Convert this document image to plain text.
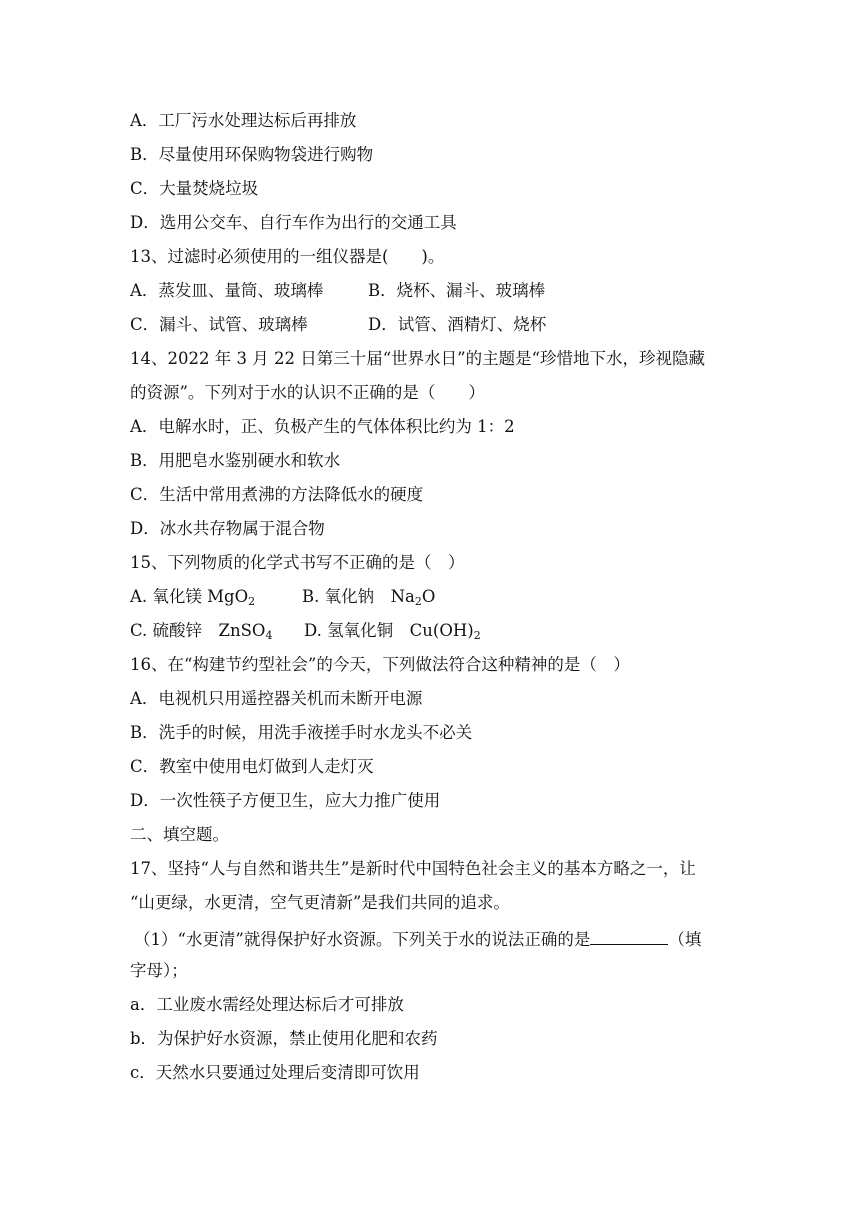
A．工厂污水处理达标后再排放
B．尽量使用环保购物袋进行购物
C．大量焚烧垃圾
D．选用公交车、自行车作为出行的交通工具
13、过滤时必须使用的一组仪器是(　　)。
A．蒸发皿、量筒、玻璃棒	B．烧杯、漏斗、玻璃棒
C．漏斗、试管、玻璃棒	D．试管、酒精灯、烧杯
14、2022 年 3 月 22 日第三十届“世界水日”的主题是“珍惜地下水，珍视隐藏
的资源”。下列对于水的认识不正确的是（　　）
A．电解水时，正、负极产生的气体体积比约为 1：2
B．用肥皂水鉴别硬水和软水
C．生活中常用煮沸的方法降低水的硬度
D．冰水共存物属于混合物
15、下列物质的化学式书写不正确的是（　）
A. 氧化镁 MgO$_2$	B. 氧化钠　$Na_2O$
C. 硫酸锌　ZnSO$_4$ D. 氢氧化铜　$Cu(OH)_2$
16、在“构建节约型社会”的今天，下列做法符合这种精神的是（　）
A．电视机只用遥控器关机而未断开电源
B．洗手的时候，用洗手液搓手时水龙头不必关
C．教室中使用电灯做到人走灯灭
D．一次性筷子方便卫生，应大力推广使用
二、填空题。
17、坚持“人与自然和谐共生”是新时代中国特色社会主义的基本方略之一，让
“山更绿，水更清，空气更清新”是我们共同的追求。
（1）“水更清”就得保护好水资源。下列关于水的说法正确的是	（填
字母）；
a．工业废水需经处理达标后才可排放
b．为保护好水资源，禁止使用化肥和农药
c．天然水只要通过处理后变清即可饮用
